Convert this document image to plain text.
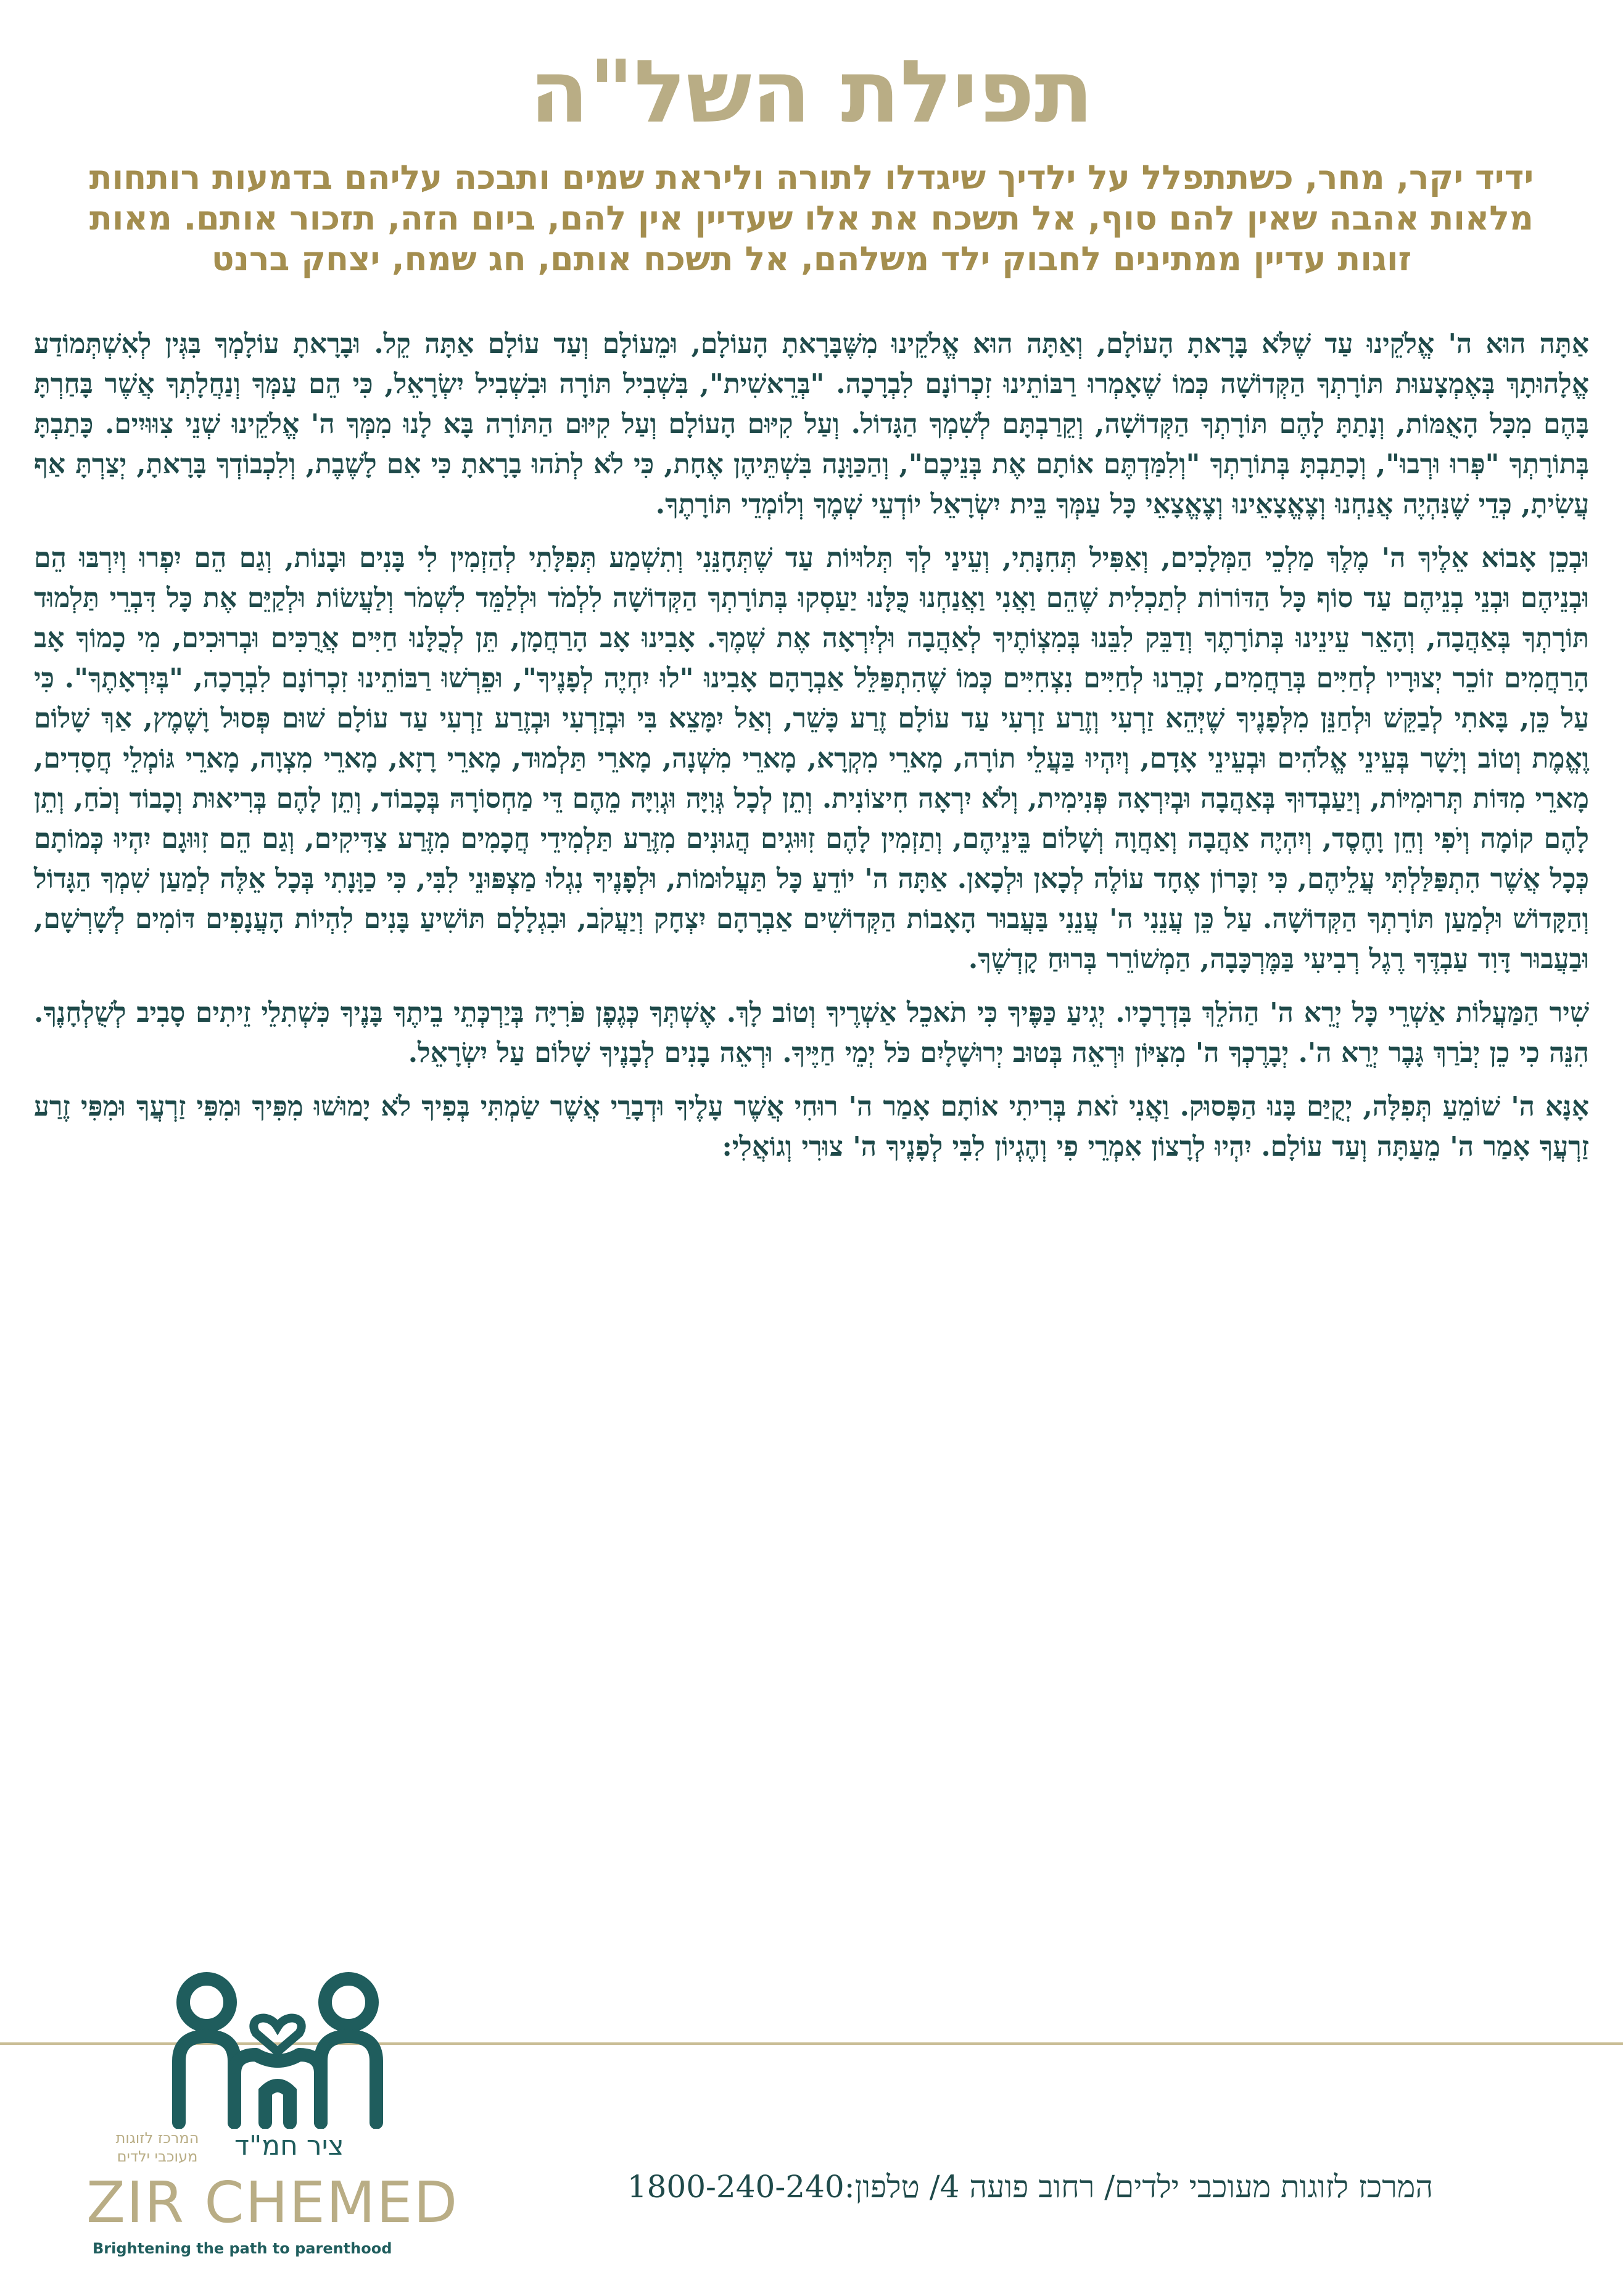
תפילת השל"ה
ידיד יקר, מחר, כשתתפלל על ילדיך שיגדלו לתורה וליראת שמים ותבכה עליהם בדמעות רותחות מלאות אהבה שאין להם סוף, אל תשכח את אלו שעדיין אין להם, ביום הזה, תזכור אותם. מאות זוגות עדיין ממתינים לחבוק ילד משלהם, אל תשכח אותם, חג שמח, יצחק ברנט

אַתָּה הוּא ה' אֱלֹקֵינוּ עַד שֶׁלֹּא בָּרָאתָ הָעוֹלָם, וְאַתָּה הוּא אֱלֹקֵינוּ מִשֶּׁבָּרָאתָ הָעוֹלָם, וּמֵעוֹלָם וְעַד עוֹלָם אַתָּה קֵל. וּבָרָאתָ עוֹלָמְךָ בִּגְּין לְאִשְׁתְּמוֹדַע אֱלָהוּתָךְ בְּאֶמְצָעוּת תּוֹרָתְךָ הַקְּדוֹשָׁה כְּמוֹ שֶׁאָמְרוּ רַבּוֹתֵינוּ זִכְרוֹנָם לִבְרָכָה. "בְּרֵאשִׁית", בִּשְׁבִיל תּוֹרָה וּבִשְׁבִיל יִשְׂרָאֵל, כִּי הֵם עַמְּךָ וְנַחֲלָתְךָ אֲשֶׁר בָּחַרְתָּ בָּהֶם מִכָּל הָאֻמּוֹת, וְנָתַתָּ לָהֶם תּוֹרָתְךָ הַקְּדוֹשָׁה, וְקֵרַבְתָּם לְשִׁמְךָ הַגָּדוֹל. וְעַל קִיּוּם הָעוֹלָם וְעַל קִיּוּם הַתּוֹרָה בָּא לָנוּ מִמְּךָ ה' אֱלֹקֵינוּ שְׁנֵי צִוּוּיִים. כָּתַבְתָּ בְּתוֹרָתְךָ "פְּרוּ וּרְבוּ", וְכָתַבְתָּ בְּתוֹרָתְךָ "וְלִמַּדְתֶּם אוֹתָם אֶת בְּנֵיכֶם", וְהַכַּוָּנָה בִּשְׁתֵּיהֶן אֶחָת, כִּי לֹא לְתֹהוּ בָרָאתָ כִּי אִם לָשֶׁבֶת, וְלִכְבוֹדְךָ בָּרָאתָ, יְצַרְתָּ אַף עֲשִׂיתָ, כְּדֵי שֶׁנִּהְיֶה אֲנַחְנוּ וְצֶאֱצָאֵינוּ וְצֶאֱצָאֵי כָּל עַמְּךָ בֵּית יִשְׂרָאֵל יוֹדְעֵי שְׁמֶךָ וְלוֹמְדֵי תּוֹרָתֶךָ.

וּבְכֵן אָבוֹא אֵלֶיךָ ה' מֶלֶךְ מַלְכֵי הַמְּלָכִים, וְאַפִּיל תְּחִנָּתִי, וְעֵינַי לְךָ תְּלוּיוֹת עַד שֶׁתְּחָנֵּנִי וְתִשְׁמַע תְּפִלָּתִי לְהַזְמִין לִי בָּנִים וּבָנוֹת, וְגַם הֵם יִפְרוּ וְיִרְבּוּ הֵם וּבְנֵיהֶם וּבְנֵי בְנֵיהֶם עַד סוֹף כָּל הַדּוֹרוֹת לְתַכְלִית שֶׁהֵם וַאֲנִי וַאֲנַחְנוּ כֻּלָּנוּ יַעַסְקוּ בְּתוֹרָתְךָ הַקְּדוֹשָׁה לִלְמֹד וּלְלַמֵּד לִשְׁמֹר וְלַעֲשׂוֹת וּלְקַיֵּם אֶת כָּל דִּבְרֵי תַּלְמוּד תּוֹרָתְךָ בְּאַהֲבָה, וְהָאֵר עֵינֵינוּ בְּתוֹרָתֶךָ וְדַבֵּק לִבֵּנוּ בְּמִצְוֹתֶיךָ לְאַהֲבָה וּלְיִרְאָה אֶת שְׁמֶךָ. אָבִינוּ אָב הָרַחֲמָן, תֵּן לְכֻלָּנוּ חַיִּים אֲרֻכִּים וּבְרוּכִים, מִי כָמוֹךָ אָב הָרַחֲמִים זוֹכֵר יְצוּרָיו לְחַיִּים בְּרַחֲמִים, זָכְרֵנוּ לְחַיִּים נִצְחִיִּים כְּמוֹ שֶׁהִתְפַּלֵּל אַבְרָהָם אָבִינוּ "לוּ יִחְיֶה לְפָנֶיךָ", וּפֵרְשׁוּ רַבּוֹתֵינוּ זִכְרוֹנָם לִבְרָכָה, "בְּיִרְאָתֶךָ". כִּי עַל כֵּן, בָּאתִי לְבַקֵּשׁ וּלְחַנֵּן מִלְּפָנֶיךָ שֶׁיְּהֵא זַרְעִי וְזֶרַע זַרְעִי עַד עוֹלָם זֶרַע כָּשֵׁר, וְאַל יִמָּצֵא בִּי וּבְזַרְעִי וּבְזֶרַע זַרְעִי עַד עוֹלָם שׁוּם פְּסוּל וָשֶׁמֶץ, אַךְ שָׁלוֹם וֶאֱמֶת וְטוֹב וְיָשָׁר בְּעֵינֵי אֱלֹהִים וּבְעֵינֵי אָדָם, וְיִהְיוּ בַּעֲלֵי תוֹרָה, מָארֵי מִקְרָא, מָארֵי מִשְׁנָה, מָארֵי תַּלְמוּד, מָארֵי רָזָא, מָארֵי מִצְוָה, מָארֵי גּוֹמְלֵי חֲסָדִים, מָארֵי מִדּוֹת תְּרוּמִיּוֹת, וְיַעַבְדוּךָ בְּאַהֲבָה וּבְיִרְאָה פְּנִימִית, וְלֹא יִרְאָה חִיצוֹנִית. וְתֵן לְכָל גְּוִיָּה וּגְוִיָּה מֵהֶם דֵּי מַחְסוֹרָהּ בְּכָבוֹד, וְתֵן לָהֶם בְּרִיאוּת וְכָבוֹד וְכֹחַ, וְתֵן לָהֶם קוֹמָה וְיֹפִי וְחֵן וָחֶסֶד, וְיִהְיֶה אַהֲבָה וְאַחֲוָה וְשָׁלוֹם בֵּינֵיהֶם, וְתַזְמִין לָהֶם זִוּוּגִים הֲגוּנִים מִזֶּרַע תַּלְמִידֵי חֲכָמִים מִזֶּרַע צַדִּיקִים, וְגַם הֵם זִוּוּגָם יִהְיוּ כְּמוֹתָם כְּכָל אֲשֶׁר הִתְפַּלַּלְתִּי עֲלֵיהֶם, כִּי זִכָּרוֹן אֶחָד עוֹלֶה לְכָאן וּלְכָאן. אַתָּה ה' יוֹדֵעַ כָּל תַּעֲלוּמוֹת, וּלְפָנֶיךָ נִגְלוּ מַצְפּוּנֵי לִבִּי, כִּי כַוָּנָתִי בְּכָל אֵלֶּה לְמַעַן שִׁמְךָ הַגָּדוֹל וְהַקָּדוֹשׁ וּלְמַעַן תּוֹרָתְךָ הַקְּדוֹשָׁה. עַל כֵּן עֲנֵנִי ה' עֲנֵנִי בַּעֲבוּר הָאָבוֹת הַקְּדוֹשִׁים אַבְרָהָם יִצְחָק וְיַעֲקֹב, וּבִגְלָלָם תּוֹשִׁיעַ בָּנִים לִהְיוֹת הָעֲנָפִים דּוֹמִים לְשָׁרְשָׁם, וּבַעֲבוּר דָּוִד עַבְדֶּךָ רֶגֶל רְבִיעִי בַּמֶּרְכָּבָה, הַמְשׁוֹרֵר בְּרוּחַ קָדְשֶׁךָ.

שִׁיר הַמַּעֲלוֹת אַשְׁרֵי כָּל יְרֵא ה' הַהֹלֵךְ בִּדְרָכָיו. יְגִיעַ כַּפֶּיךָ כִּי תֹאכֵל אַשְׁרֶיךָ וְטוֹב לָךְ. אֶשְׁתְּךָ כְּגֶפֶן פֹּרִיָּה בְּיַרְכְּתֵי בֵיתֶךָ בָּנֶיךָ כִּשְׁתִלֵי זֵיתִים סָבִיב לְשֻׁלְחָנֶךָ. הִנֵּה כִי כֵן יְבֹרַךְ גָּבֶר יְרֵא ה'. יְבָרֶכְךָ ה' מִצִּיּוֹן וּרְאֵה בְּטוּב יְרוּשָׁלָיִם כֹּל יְמֵי חַיֶּיךָ. וּרְאֵה בָנִים לְבָנֶיךָ שָׁלוֹם עַל יִשְׂרָאֵל.

אָנָּא ה' שׁוֹמֵעַ תְּפִלָּה, יְקֻיַּם בָּנוּ הַפָּסוּק. וַאֲנִי זֹאת בְּרִיתִי אוֹתָם אָמַר ה' רוּחִי אֲשֶׁר עָלֶיךָ וּדְבָרַי אֲשֶׁר שַׂמְתִּי בְּפִיךָ לֹא יָמוּשׁוּ מִפִּיךָ וּמִפִּי זַרְעֲךָ וּמִפִּי זֶרַע זַרְעֲךָ אָמַר ה' מֵעַתָּה וְעַד עוֹלָם. יִהְיוּ לְרָצוֹן אִמְרֵי פִי וְהֶגְיוֹן לִבִּי לְפָנֶיךָ ה' צוּרִי וְגוֹאֲלִי:

המרכז לזוגות מעוכבי ילדים	ציר חמ"ד
ZIR CHEMED
Brightening the path to parenthood
המרכז לזוגות מעוכבי ילדים/ רחוב פועה 4/ טלפון:1800-240-240
